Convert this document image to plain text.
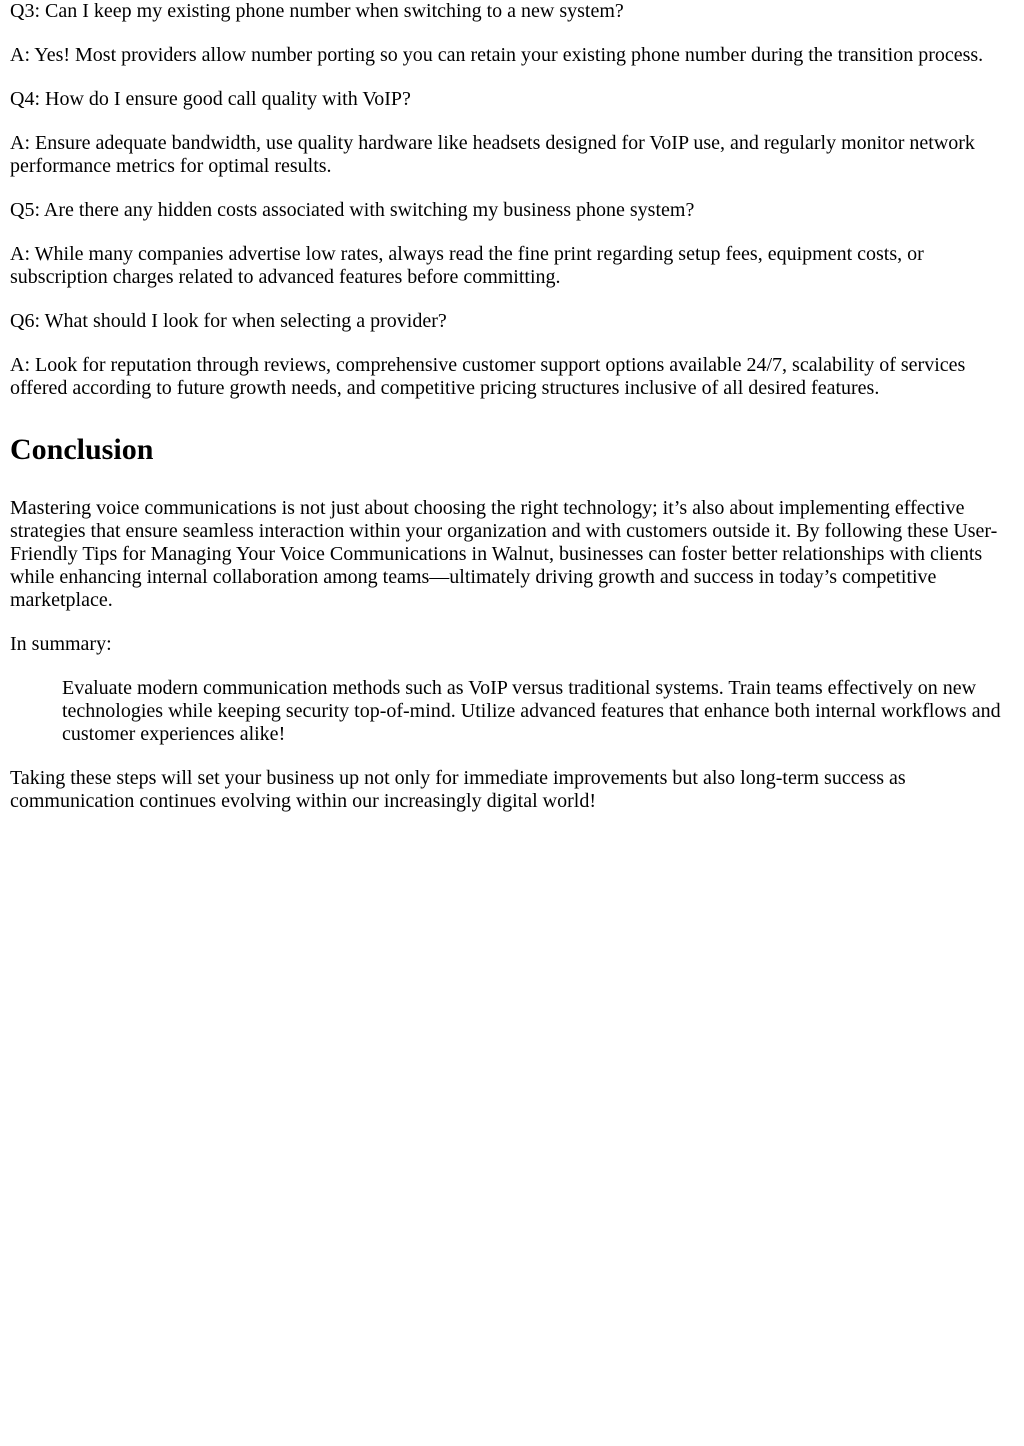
Q3: Can I keep my existing phone number when switching to a new system?

A: Yes! Most providers allow number porting so you can retain your existing phone number during the transition process.

Q4: How do I ensure good call quality with VoIP?

A: Ensure adequate bandwidth, use quality hardware like headsets designed for VoIP use, and regularly monitor network performance metrics for optimal results.

Q5: Are there any hidden costs associated with switching my business phone system?

A: While many companies advertise low rates, always read the fine print regarding setup fees, equipment costs, or subscription charges related to advanced features before committing.

Q6: What should I look for when selecting a provider?

A: Look for reputation through reviews, comprehensive customer support options available 24/7, scalability of services offered according to future growth needs, and competitive pricing structures inclusive of all desired features.

Conclusion

Mastering voice communications is not just about choosing the right technology; it’s also about implementing effective strategies that ensure seamless interaction within your organization and with customers outside it. By following these User-Friendly Tips for Managing Your Voice Communications in Walnut, businesses can foster better relationships with clients while enhancing internal collaboration among teams—ultimately driving growth and success in today’s competitive marketplace.

In summary:

Evaluate modern communication methods such as VoIP versus traditional systems. Train teams effectively on new technologies while keeping security top-of-mind. Utilize advanced features that enhance both internal workflows and customer experiences alike!

Taking these steps will set your business up not only for immediate improvements but also long-term success as communication continues evolving within our increasingly digital world!
